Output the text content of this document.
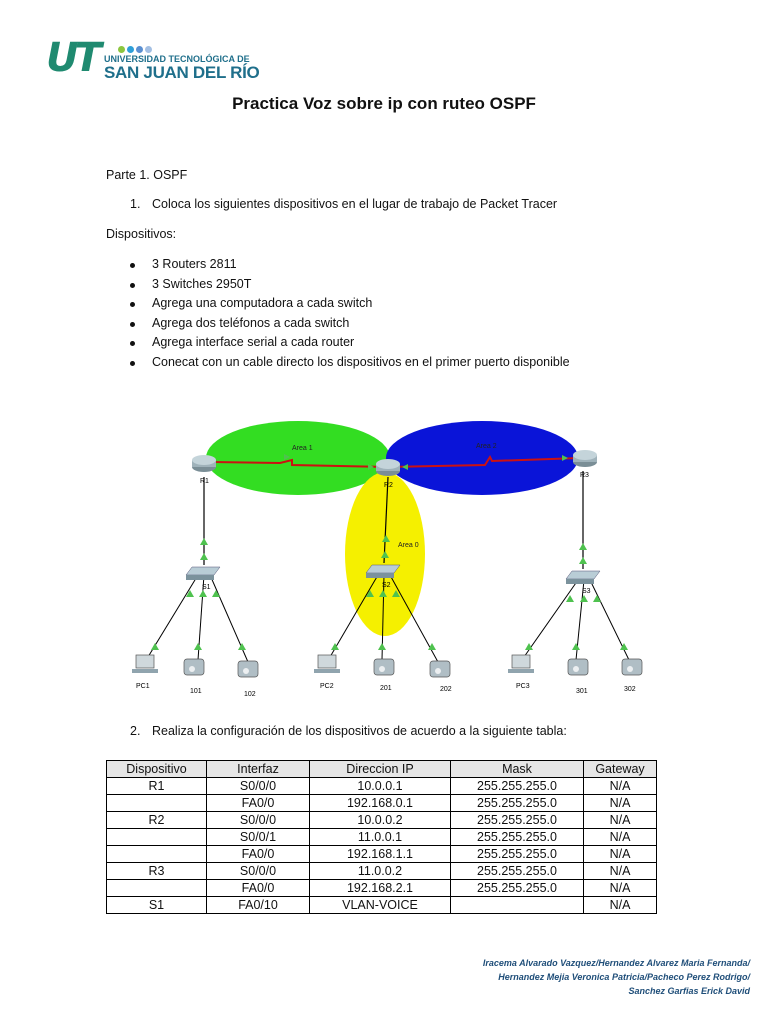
UT UNIVERSIDAD TECNOLÓGICA DE
SAN JUAN DEL RÍO
Practica Voz sobre ip con ruteo OSPF
Parte 1. OSPF
1. Coloca los siguientes dispositivos en el lugar de trabajo de Packet Tracer
Dispositivos:
3 Routers 2811
3 Switches 2950T
Agrega una computadora a cada switch
Agrega dos teléfonos a cada switch
Agrega interface serial a cada router
Conecat con un cable directo los dispositivos en el primer puerto disponible
Area 1	Area 2
Area 0
R1
R2
R3
S1	S2
S3
PC1
101	102
PC2	201	202	PC3
301	302
2. Realiza la configuración de los dispositivos de acuerdo a la siguiente tabla:
Dispositivo	Interfaz	Direccion IP	Mask	Gateway
R1	S0/0/0	10.0.0.1	255.255.255.0	N/A
	FA0/0	192.168.0.1	255.255.255.0	N/A
R2	S0/0/0	10.0.0.2	255.255.255.0	N/A
	S0/0/1	11.0.0.1	255.255.255.0	N/A
	FA0/0	192.168.1.1	255.255.255.0	N/A
R3	S0/0/0	11.0.0.2	255.255.255.0	N/A
	FA0/0	192.168.2.1	255.255.255.0	N/A
S1	FA0/10	VLAN-VOICE		N/A
Iracema Alvarado Vazquez/Hernandez Alvarez Maria Fernanda/
Hernandez Mejia Veronica Patricia/Pacheco Perez Rodrigo/
Sanchez Garfias Erick David
